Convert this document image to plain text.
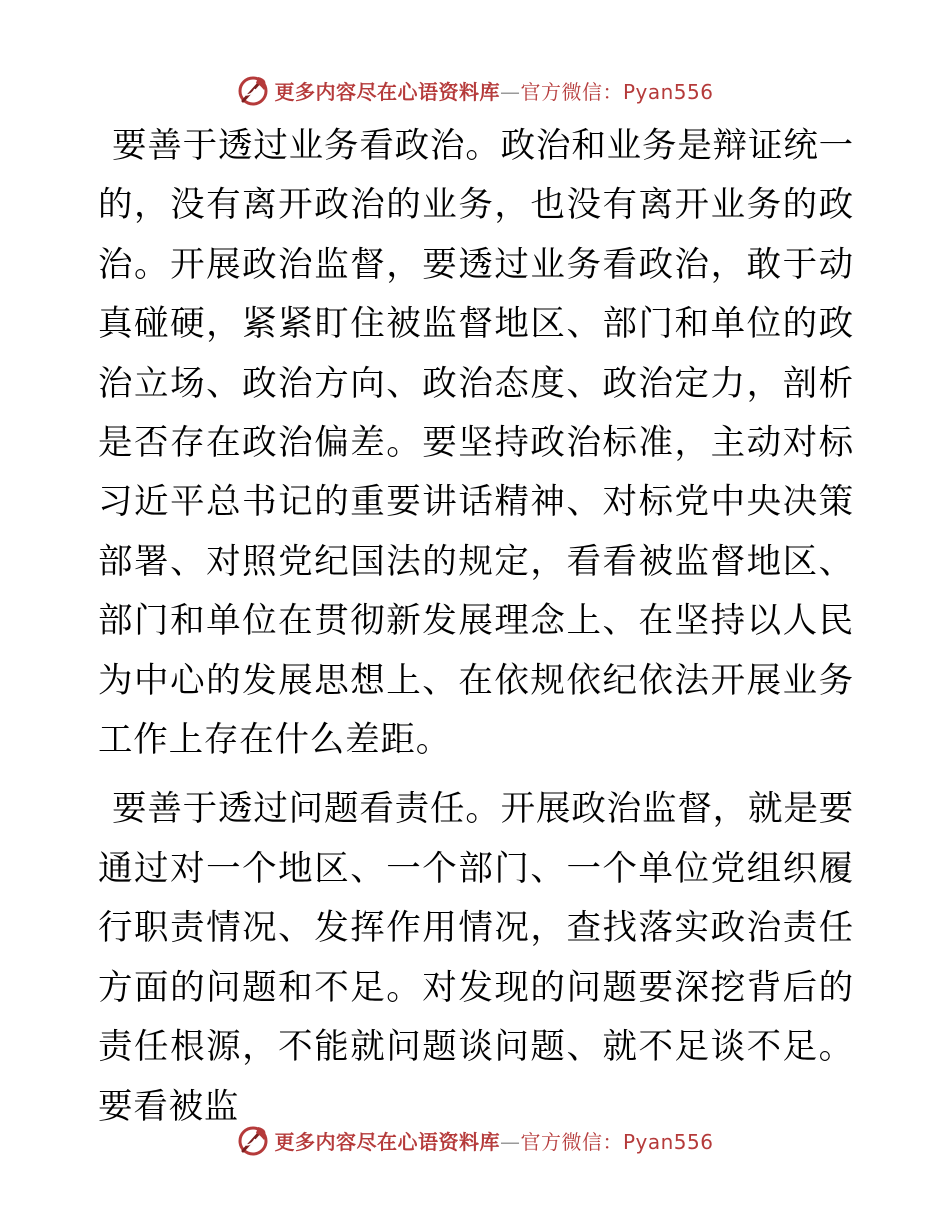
更多内容尽在心语资料库—官方微信：Pyan556

要善于透过业务看政治。政治和业务是辩证统一的，没有离开政治的业务，也没有离开业务的政治。开展政治监督，要透过业务看政治，敢于动真碰硬，紧紧盯住被监督地区、部门和单位的政治立场、政治方向、政治态度、政治定力，剖析是否存在政治偏差。要坚持政治标准，主动对标习近平总书记的重要讲话精神、对标党中央决策部署、对照党纪国法的规定，看看被监督地区、部门和单位在贯彻新发展理念上、在坚持以人民为中心的发展思想上、在依规依纪依法开展业务工作上存在什么差距。

要善于透过问题看责任。开展政治监督，就是要通过对一个地区、一个部门、一个单位党组织履行职责情况、发挥作用情况，查找落实政治责任方面的问题和不足。对发现的问题要深挖背后的责任根源，不能就问题谈问题、就不足谈不足。要看被监

更多内容尽在心语资料库—官方微信：Pyan556
